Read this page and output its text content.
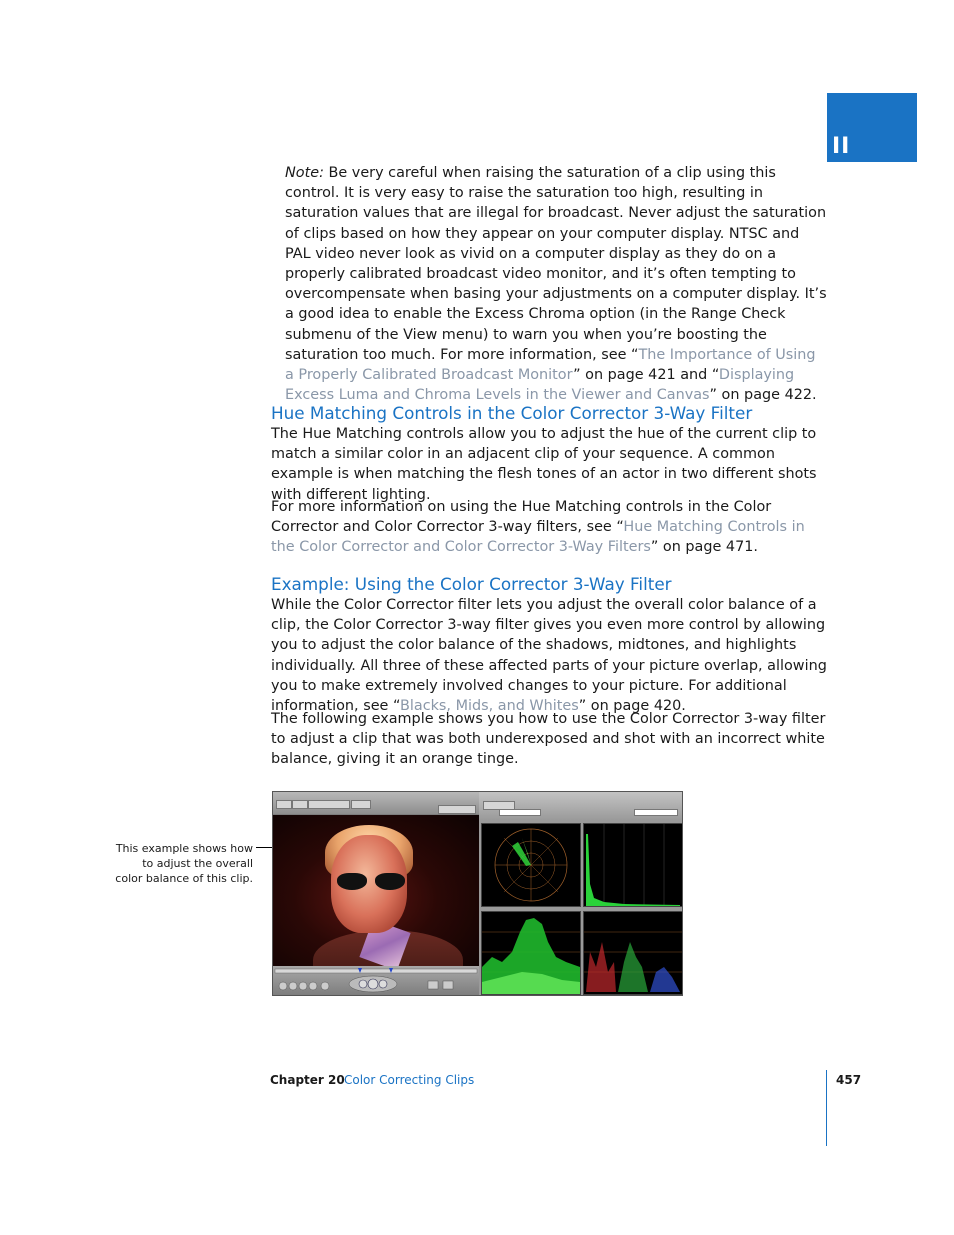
II

Note: Be very careful when raising the saturation of a clip using this control. It is very easy to raise the saturation too high, resulting in saturation values that are illegal for broadcast. Never adjust the saturation of clips based on how they appear on your computer display. NTSC and PAL video never look as vivid on a computer display as they do on a properly calibrated broadcast video monitor, and it’s often tempting to overcompensate when basing your adjustments on a computer display. It’s a good idea to enable the Excess Chroma option (in the Range Check submenu of the View menu) to warn you when you’re boosting the saturation too much. For more information, see “The Importance of Using a Properly Calibrated Broadcast Monitor” on page 421 and “Displaying Excess Luma and Chroma Levels in the Viewer and Canvas” on page 422.

Hue Matching Controls in the Color Corrector 3-Way Filter

The Hue Matching controls allow you to adjust the hue of the current clip to match a similar color in an adjacent clip of your sequence. A common example is when matching the flesh tones of an actor in two different shots with different lighting.

For more information on using the Hue Matching controls in the Color Corrector and Color Corrector 3-way filters, see “Hue Matching Controls in the Color Corrector and Color Corrector 3-Way Filters” on page 471.

Example: Using the Color Corrector 3-Way Filter

While the Color Corrector filter lets you adjust the overall color balance of a clip, the Color Corrector 3-way filter gives you even more control by allowing you to adjust the color balance of the shadows, midtones, and highlights individually. All three of these affected parts of your picture overlap, allowing you to make extremely involved changes to your picture. For additional information, see “Blacks, Mids, and Whites” on page 420.

The following example shows you how to use the Color Corrector 3-way filter to adjust a clip that was both underexposed and shot with an incorrect white balance, giving it an orange tinge.

This example shows how to adjust the overall color balance of this clip.
Chapter 20 Color Correcting Clips	457
